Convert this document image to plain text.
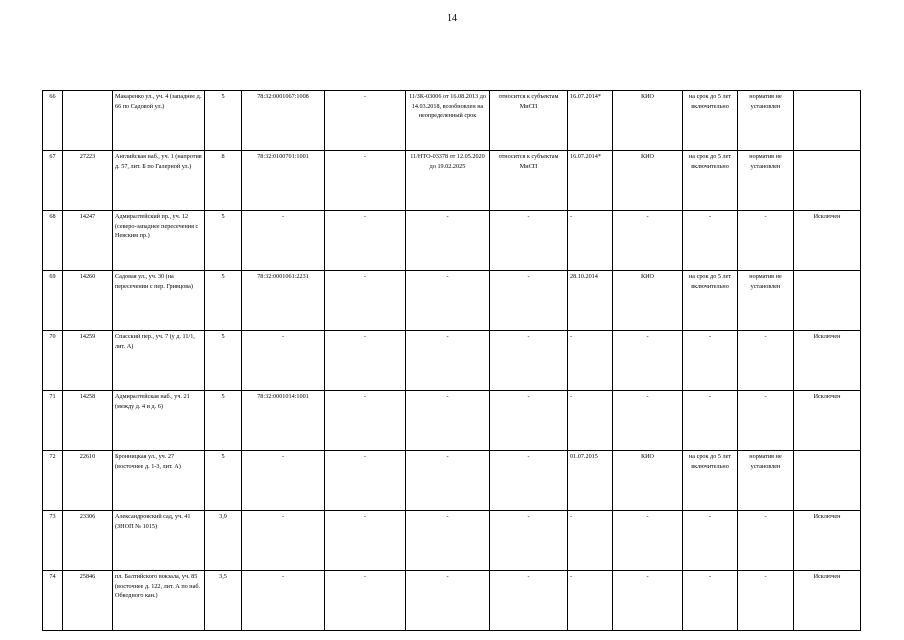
14
66		Макаренко ул., уч. 4 (западнее д. 66 по Садовой ул.)	5	78:32:0001067:1008	-	11/ЗК-03006 от 16.08.2013 до 14.03.2018, возобновлен на неопределенный срок	относится к субъектам МиСП	16.07.2014*	КИО	на срок до 5 лет включительно	норматив не установлен	
67	27223	Английская наб., уч. 1 (напротив д. 57, лит. Б по Галерной ул.)	8	78:32:0100701:1001	-	11/НТО-03378 от 12.05.2020 до 19.02.2025	относится к субъектам МиСП	16.07.2014*	КИО	на срок до 5 лет включительно	норматив не установлен	
68	14247	Адмиралтейский пр., уч. 12 (северо-западнее пересечения с Невским пр.)	5	-	-	-	-	-	-	-	-	Исключен
69	14260	Садовая ул., уч. 30 (на пересечении с пер. Гривцова)	5	78:32:0001061:2231	-	-	-	28.10.2014	КИО	на срок до 5 лет включительно	норматив не установлен	
70	14259	Спасский пер., уч. 7 (у д. 11/1, лит. А)	5	-	-	-	-	-	-	-	-	Исключен
71	14258	Адмиралтейская наб., уч. 21 (между д. 4 и д. 6)	5	78:32:0001014:1001	-	-	-	-	-	-	-	Исключен
72	22610	Бронницкая ул., уч. 27 (восточнее д. 1-3, лит. А)	5	-	-	-	-	01.07.2015	КИО	на срок до 5 лет включительно	норматив не установлен	
73	23306	Александровский сад, уч. 41 (ЗНОП № 1015)	3,9	-	-	-	-	-	-	-	-	Исключен
74	25846	пл. Балтийского вокзала, уч. 85 (восточнее д. 122, лит. А по наб. Обводного кан.)	3,5	-	-	-	-	-	-	-	-	Исключен
